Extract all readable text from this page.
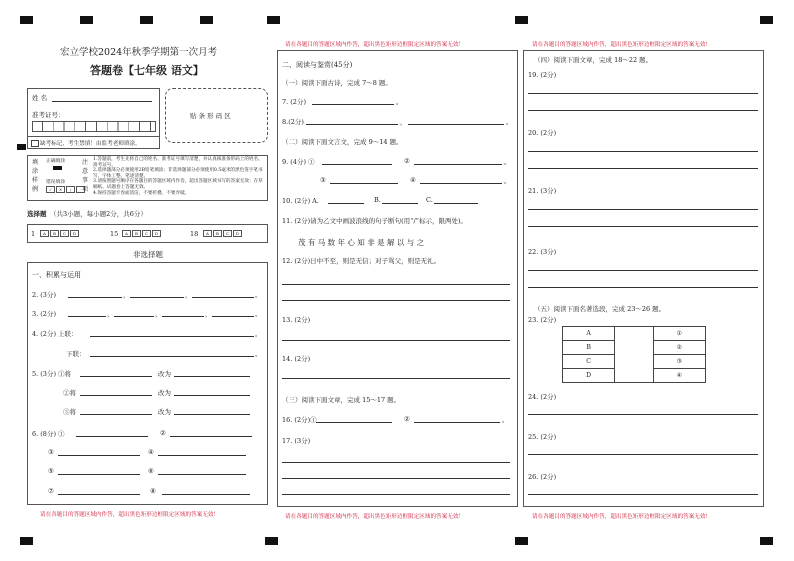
请在各题目的答题区域内作答，超出黑色矩形边框限定区域的答案无效！	请在各题目的答题区域内作答，超出黑色矩形边框限定区域的答案无效！
请在各题目的答题区域内作答，超出黑色矩形边框限定区域的答案无效！	请在各题目的答题区域内作答，超出黑色矩形边框限定区域的答案无效！	请在各题目的答题区域内作答，超出黑色矩形边框限定区域的答案无效！
宏立学校2024年秋季学期第一次月考
答题卷【七年级 语文】
姓 名
准考证号：
缺考标记，考生禁填！由监考老师填涂。
贴 条 形 码 区
填 涂 样 例
正确填涂
错误填涂
✓ ✕ / ·
注 意 事 项
1.答题前，考生先将自己的姓名、准考证号填写清楚，并认真核准条形码上的姓名、准考证号。
2.选择题部分必须使用2B铅笔填涂；非选择题部分必须使用0.5毫米的黑色签字笔书写，字体工整、笔迹清楚。
3.请按照题号顺序在各题目的答题区域内作答，超出答题区域书写的答案无效；在草稿纸、试题卷上答题无效。
4.保持答题卡卷面清洁，不要折叠、不要弄破。
选择题 （共3小题，每小题2分，共6分）
1	A B C D	15	A B C D	18	A B C D
非选择题
一、积累与运用
2. (3分)	，	，	。
3. (2分)	，	，	，	。
4. (2分) 上联：	。
下联：	。
5. (3分) ①将	改为
②将	改为
③将	改为
6. (8分) ①	②
③	④
⑤	⑥
⑦	⑧
二、阅读与鉴赏(45分)
（一）阅读下面古诗，完成 7～8 题。
7. (2分)	。
8.(2分)	，	。
（二）阅读下面文言文，完成 9～14 题。
9. (4分) ①	②	。
③	④	。
10. (2分) A.	B.	C.
11. (2分)请为乙文中画波浪线的句子断句(用“/”标示，限两处)。
茂 有 马 数 年 心 知 非 是 解 以 与 之
12. (2分)日中不至，则是无信；对子骂父，则是无礼。
13. (2分)
14. (2分)
（三）阅读下面文章，完成 15～17 题。
16. (2分)①	②	。
17. (3分)
（四）阅读下面文章，完成 18～22 题。
19. (2分)
20. (2分)
21. (3分)
22. (3分)
（五）阅读下面名著选段，完成 23～26 题。
23. (2分)
A		①
B		②
C		③
D		④
24. (2分)
25. (2分)
26. (2分)
